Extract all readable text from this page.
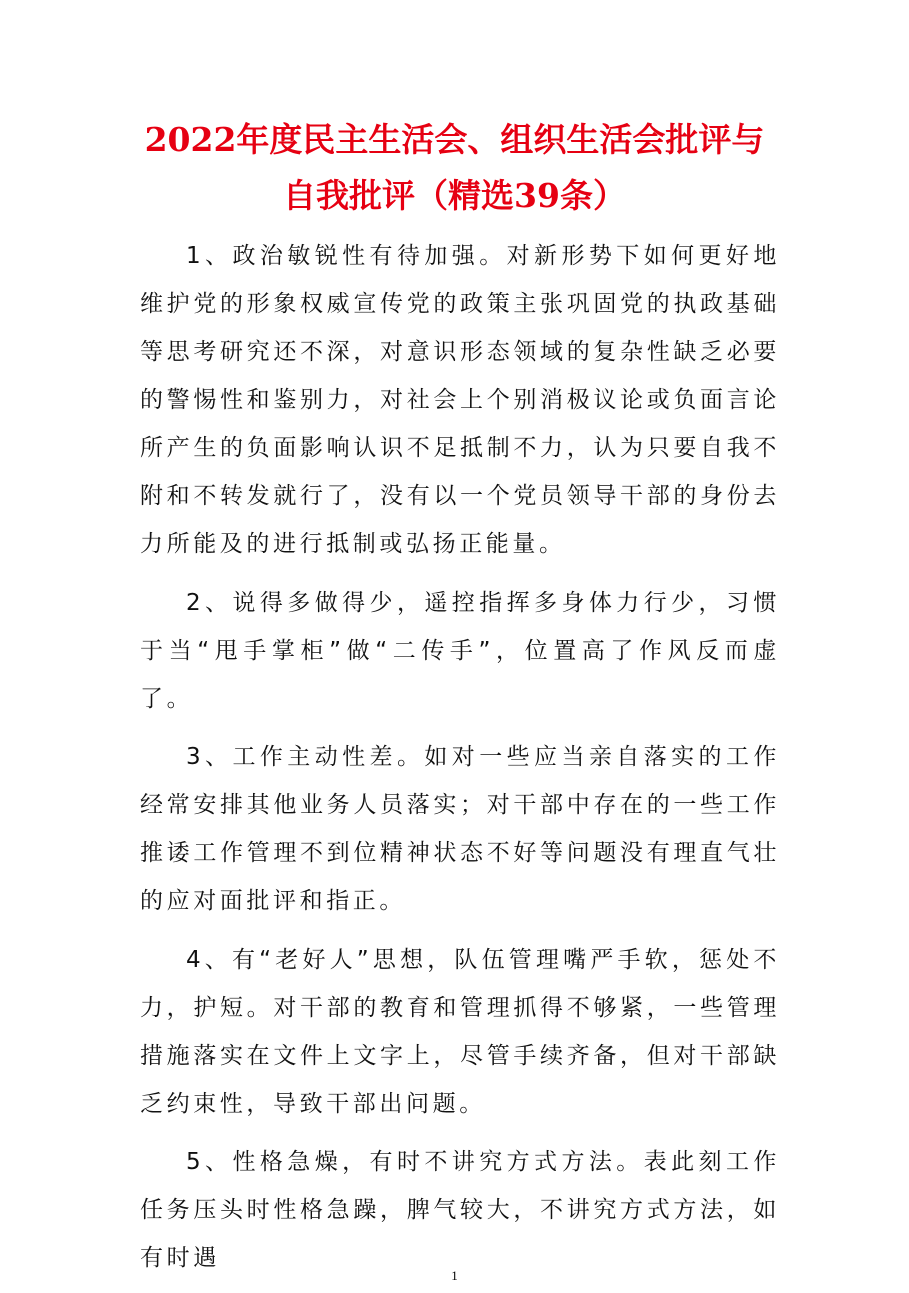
2022年度民主生活会、组织生活会批评与
自我批评（精选39条）

1、政治敏锐性有待加强。对新形势下如何更好地维护党的形象权威宣传党的政策主张巩固党的执政基础等思考研究还不深，对意识形态领域的复杂性缺乏必要的警惕性和鉴别力，对社会上个别消极议论或负面言论所产生的负面影响认识不足抵制不力，认为只要自我不附和不转发就行了，没有以一个党员领导干部的身份去力所能及的进行抵制或弘扬正能量。

2、说得多做得少，遥控指挥多身体力行少，习惯于当“甩手掌柜”做“二传手”，位置高了作风反而虚了。

3、工作主动性差。如对一些应当亲自落实的工作经常安排其他业务人员落实；对干部中存在的一些工作推诿工作管理不到位精神状态不好等问题没有理直气壮的应对面批评和指正。

4、有“老好人”思想，队伍管理嘴严手软，惩处不力，护短。对干部的教育和管理抓得不够紧，一些管理措施落实在文件上文字上，尽管手续齐备，但对干部缺乏约束性，导致干部出问题。

5、性格急燥，有时不讲究方式方法。表此刻工作任务压头时性格急躁，脾气较大，不讲究方式方法，如有时遇

1
